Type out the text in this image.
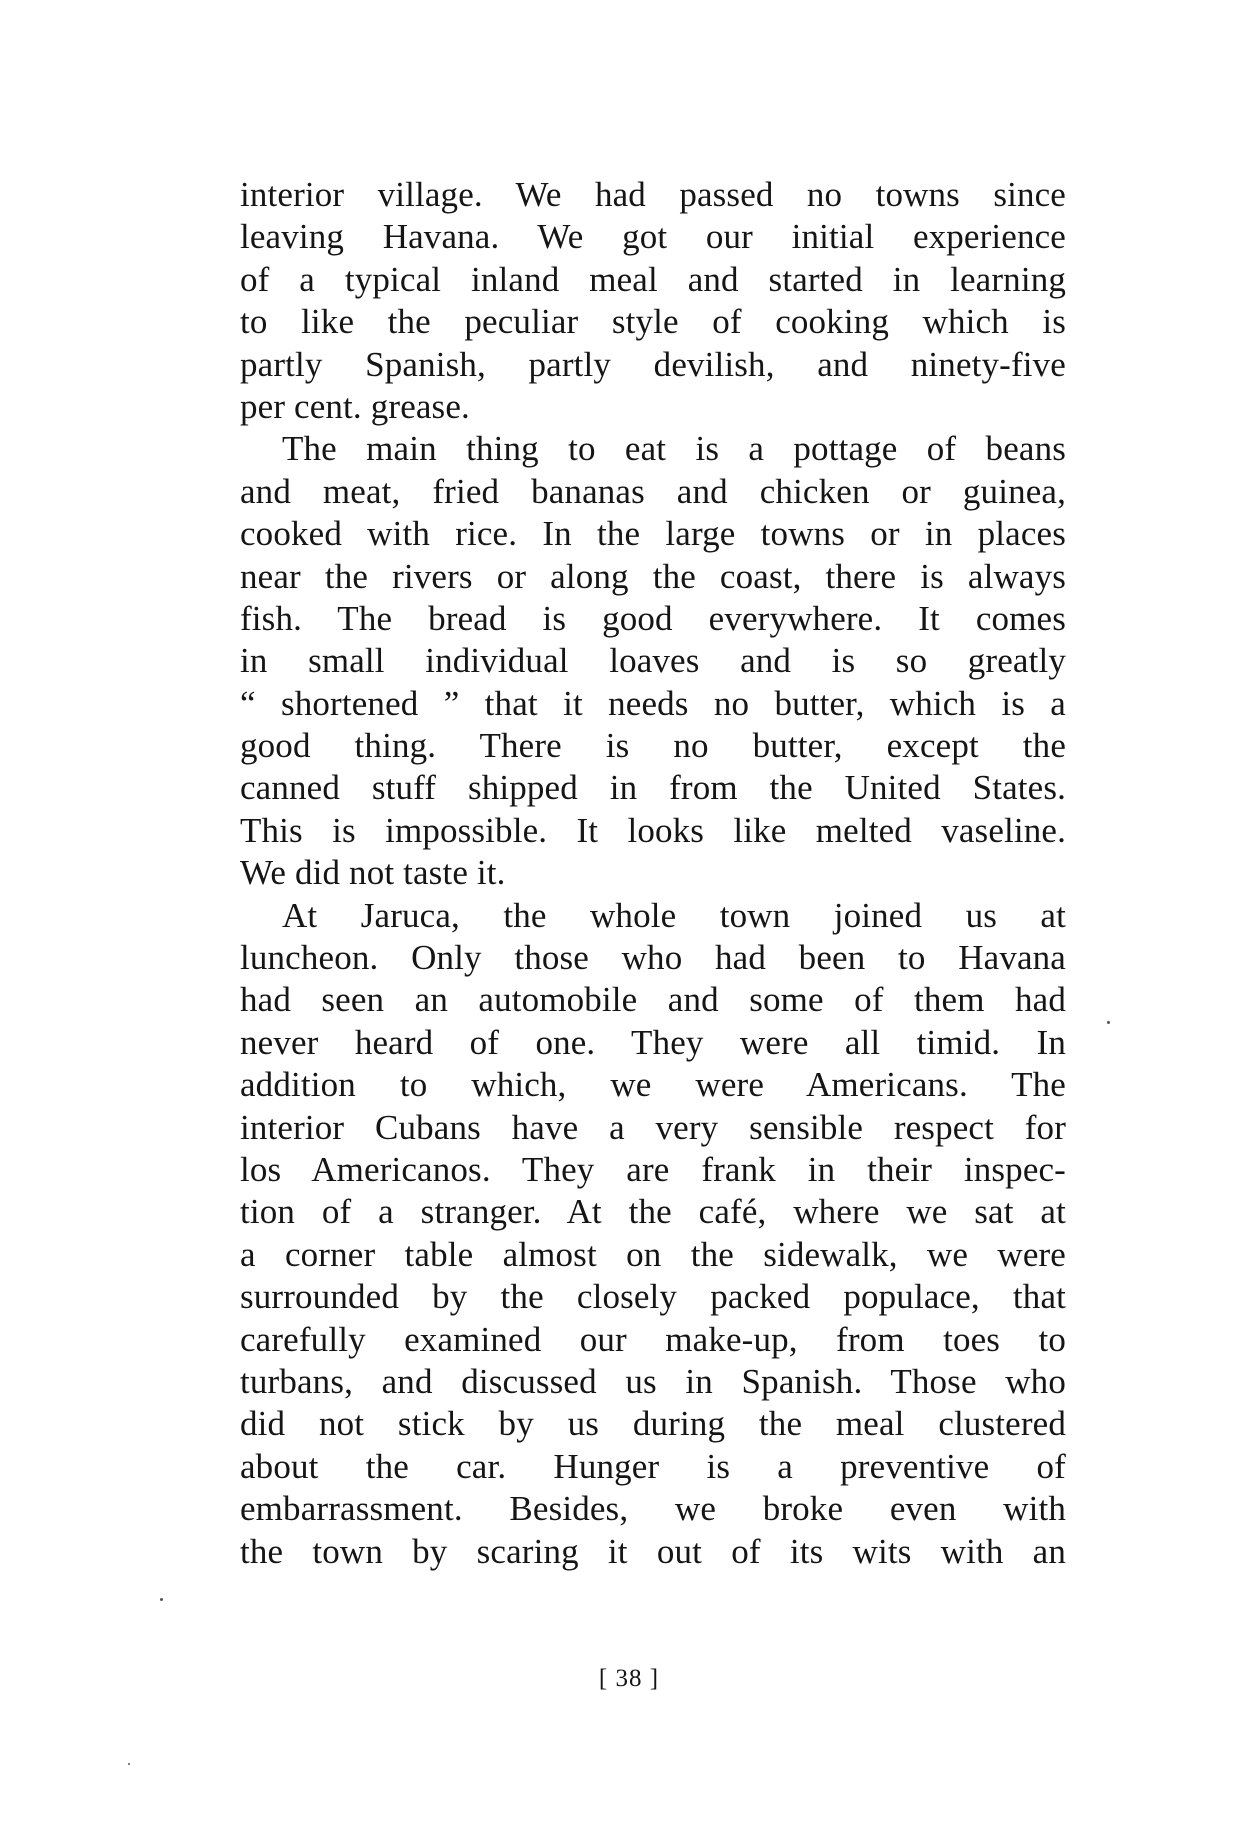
interior village. We had passed no towns since
leaving Havana. We got our initial experience
of a typical inland meal and started in learning
to like the peculiar style of cooking which is
partly Spanish, partly devilish, and ninety-five
per cent. grease.
The main thing to eat is a pottage of beans
and meat, fried bananas and chicken or guinea,
cooked with rice. In the large towns or in places
near the rivers or along the coast, there is always
fish. The bread is good everywhere. It comes
in small individual loaves and is so greatly
“ shortened ” that it needs no butter, which is a
good thing. There is no butter, except the
canned stuff shipped in from the United States.
This is impossible. It looks like melted vaseline.
We did not taste it.
At Jaruca, the whole town joined us at
luncheon. Only those who had been to Havana
had seen an automobile and some of them had
never heard of one. They were all timid. In
addition to which, we were Americans. The
interior Cubans have a very sensible respect for
los Americanos. They are frank in their inspec-
tion of a stranger. At the café, where we sat at
a corner table almost on the sidewalk, we were
surrounded by the closely packed populace, that
carefully examined our make-up, from toes to
turbans, and discussed us in Spanish. Those who
did not stick by us during the meal clustered
about the car. Hunger is a preventive of
embarrassment. Besides, we broke even with
the town by scaring it out of its wits with an
[ 38 ]
